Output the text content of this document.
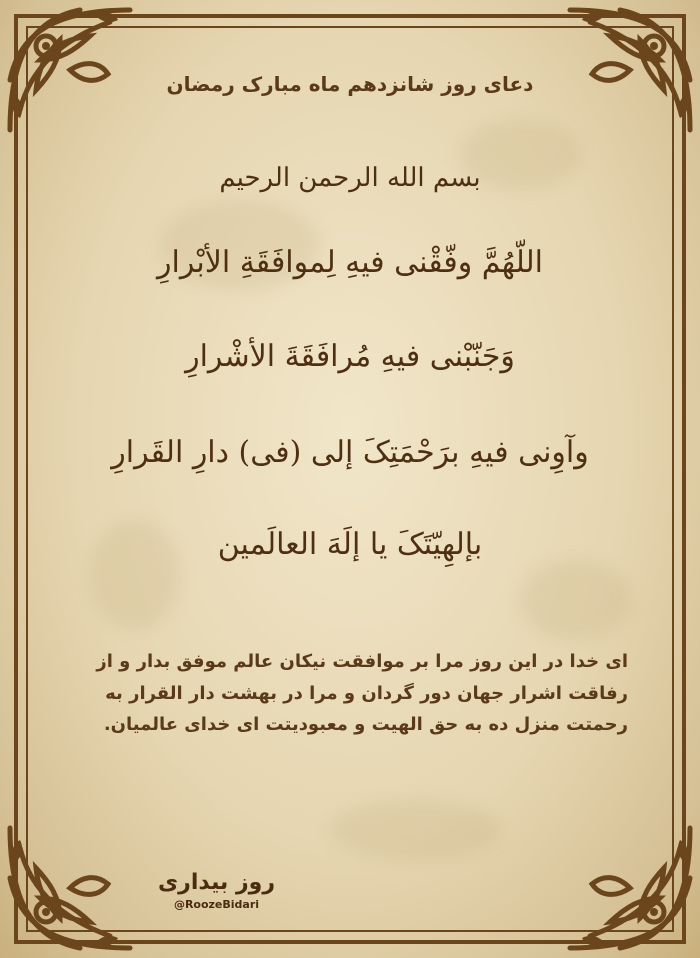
دعای روز شانزدهم ماه مبارک رمضان
بسم الله الرحمن الرحیم
اللّهُمَّ وفّقْنی فیهِ لِموافَقَةِ الأبْرارِ
وَجَنّبْنی فیهِ مُرافَقَةَ الأشْرارِ
وآوِنی فیهِ برَحْمَتِکَ إلى (فی) دارِ القَرارِ
بإلهِیّتَکَ یا إلَهَ العالَمین
ای خدا در این روز مرا بر موافقت نیکان عالم موفق بدار و از رفاقت اشرار جهان دور گردان و مرا در بهشت دار القرار به رحمتت منزل ده به حق الهیت و معبودیتت ای خدای عالمیان.
روز بیداری
@RoozeBidari
